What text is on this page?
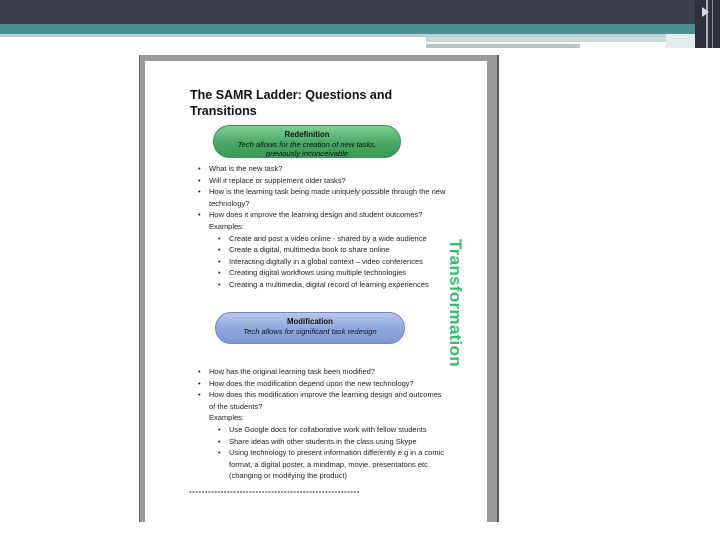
The SAMR Ladder: Questions and
Transitions
Redefinition
Tech allows for the creation of new tasks,
previously inconceivable
• What is the new task?
• Will it replace or supplement older tasks?
• How is the learning task being made uniquely possible through the new technology?
• How does it improve the learning design and student outcomes?
Examples:
• Create and post a video online - shared by a wide audience
• Create a digital, multimedia book to share online
• Interacting digitally in a global context – video conferences
• Creating digital workflows using multiple technologies
• Creating a multimedia, digital record of learning experiences
Modification
Tech allows for significant task redesign
• How has the original learning task been modified?
• How does the modification depend upon the new technology?
• How does this modification improve the learning design and outcomes of the students?
Examples:
• Use Google docs for collaborative work with fellow students
• Share ideas with other students in the class using Skype
• Using technology to present information differently e.g in a comic format, a digital poster, a mindmap, movie, presentatons etc (changing or modifying the product)
Transformation
------------------------------------------------------
